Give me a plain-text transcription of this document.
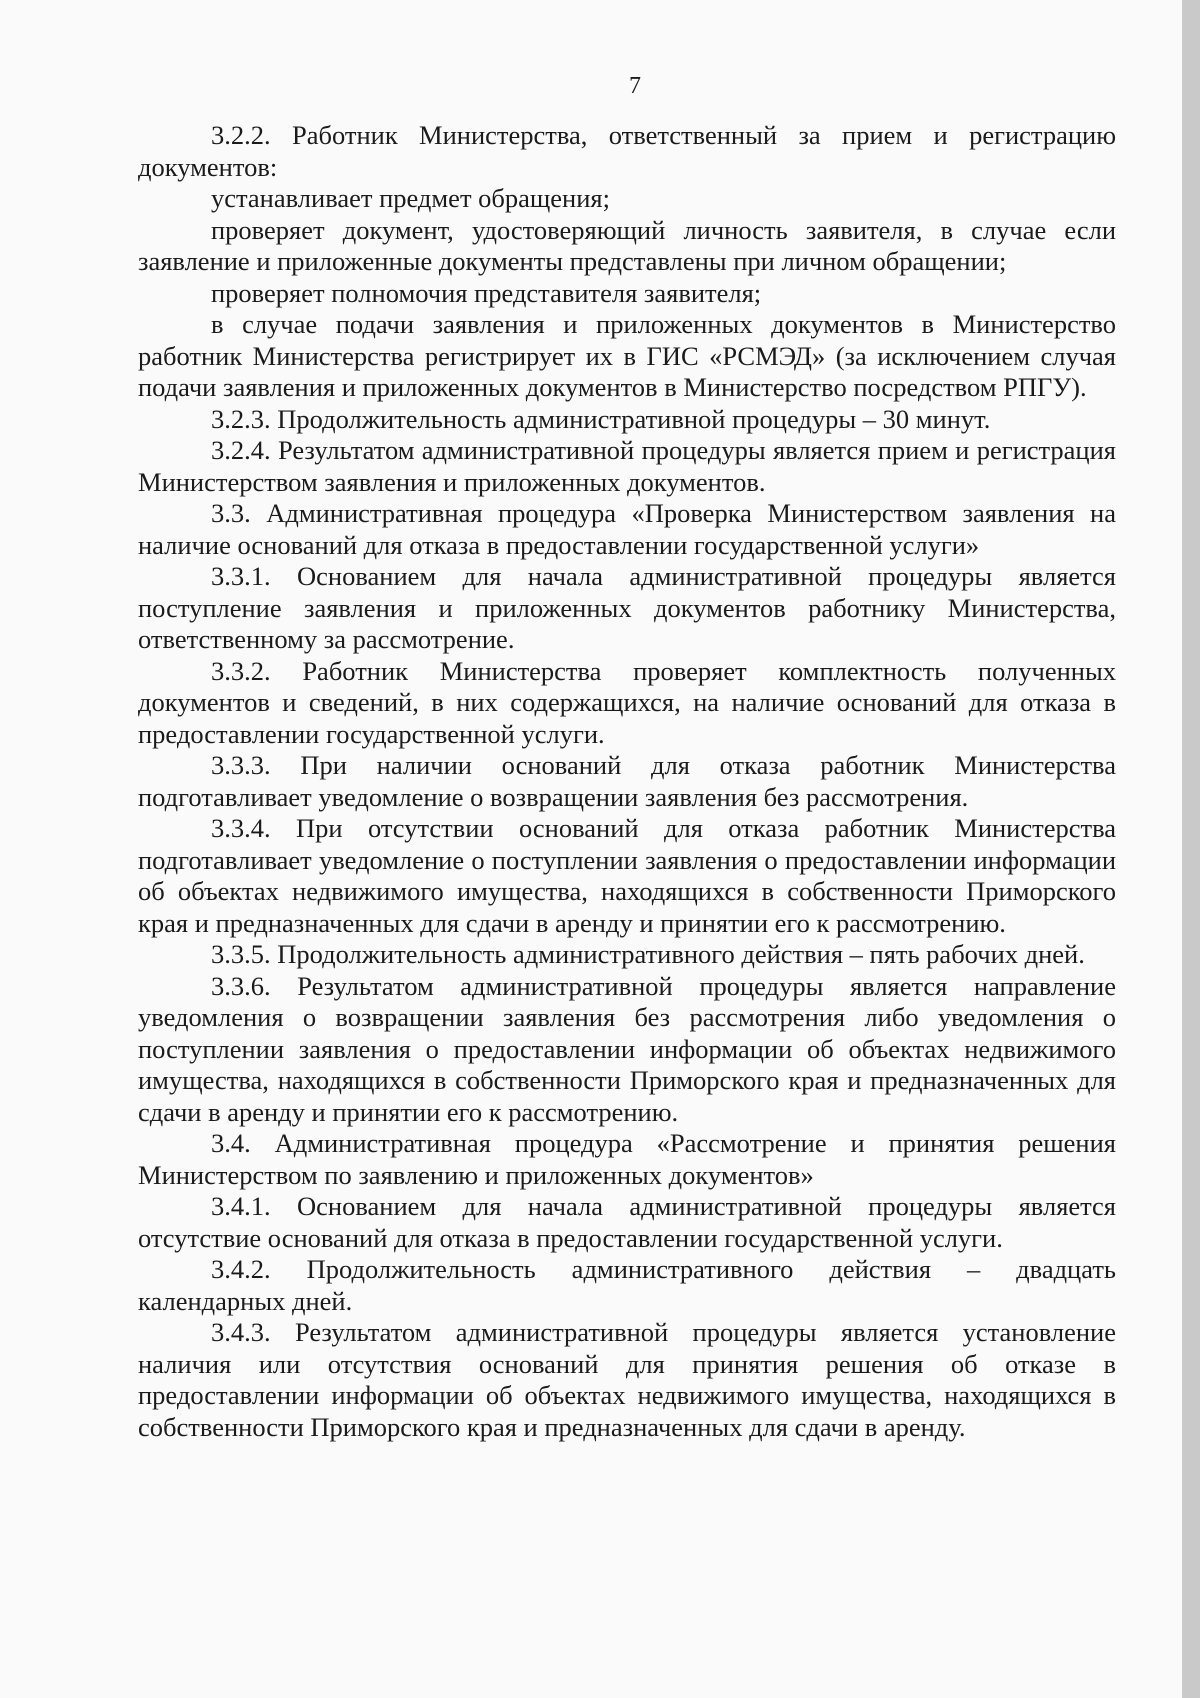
7

3.2.2. Работник Министерства, ответственный за прием и регистрацию документов:

устанавливает предмет обращения;

проверяет документ, удостоверяющий личность заявителя, в случае если заявление и приложенные документы представлены при личном обращении;

проверяет полномочия представителя заявителя;

в случае подачи заявления и приложенных документов в Министерство работник Министерства регистрирует их в ГИС «РСМЭД» (за исключением случая подачи заявления и приложенных документов в Министерство посредством РПГУ).

3.2.3. Продолжительность административной процедуры – 30 минут.

3.2.4. Результатом административной процедуры является прием и регистрация Министерством заявления и приложенных документов.

3.3. Административная процедура «Проверка Министерством заявления на наличие оснований для отказа в предоставлении государственной услуги»

3.3.1. Основанием для начала административной процедуры является поступление заявления и приложенных документов работнику Министерства, ответственному за рассмотрение.

3.3.2. Работник Министерства проверяет комплектность полученных документов и сведений, в них содержащихся, на наличие оснований для отказа в предоставлении государственной услуги.

3.3.3. При наличии оснований для отказа работник Министерства подготавливает уведомление о возвращении заявления без рассмотрения.

3.3.4. При отсутствии оснований для отказа работник Министерства подготавливает уведомление о поступлении заявления о предоставлении информации об объектах недвижимого имущества, находящихся в собственности Приморского края и предназначенных для сдачи в аренду и принятии его к рассмотрению.

3.3.5. Продолжительность административного действия – пять рабочих дней.

3.3.6. Результатом административной процедуры является направление уведомления о возвращении заявления без рассмотрения либо уведомления о поступлении заявления о предоставлении информации об объектах недвижимого имущества, находящихся в собственности Приморского края и предназначенных для сдачи в аренду и принятии его к рассмотрению.

3.4. Административная процедура «Рассмотрение и принятия решения Министерством по заявлению и приложенных документов»

3.4.1. Основанием для начала административной процедуры является отсутствие оснований для отказа в предоставлении государственной услуги.

3.4.2. Продолжительность административного действия – двадцать календарных дней.

3.4.3. Результатом административной процедуры является установление наличия или отсутствия оснований для принятия решения об отказе в предоставлении информации об объектах недвижимого имущества, находящихся в собственности Приморского края и предназначенных для сдачи в аренду.
